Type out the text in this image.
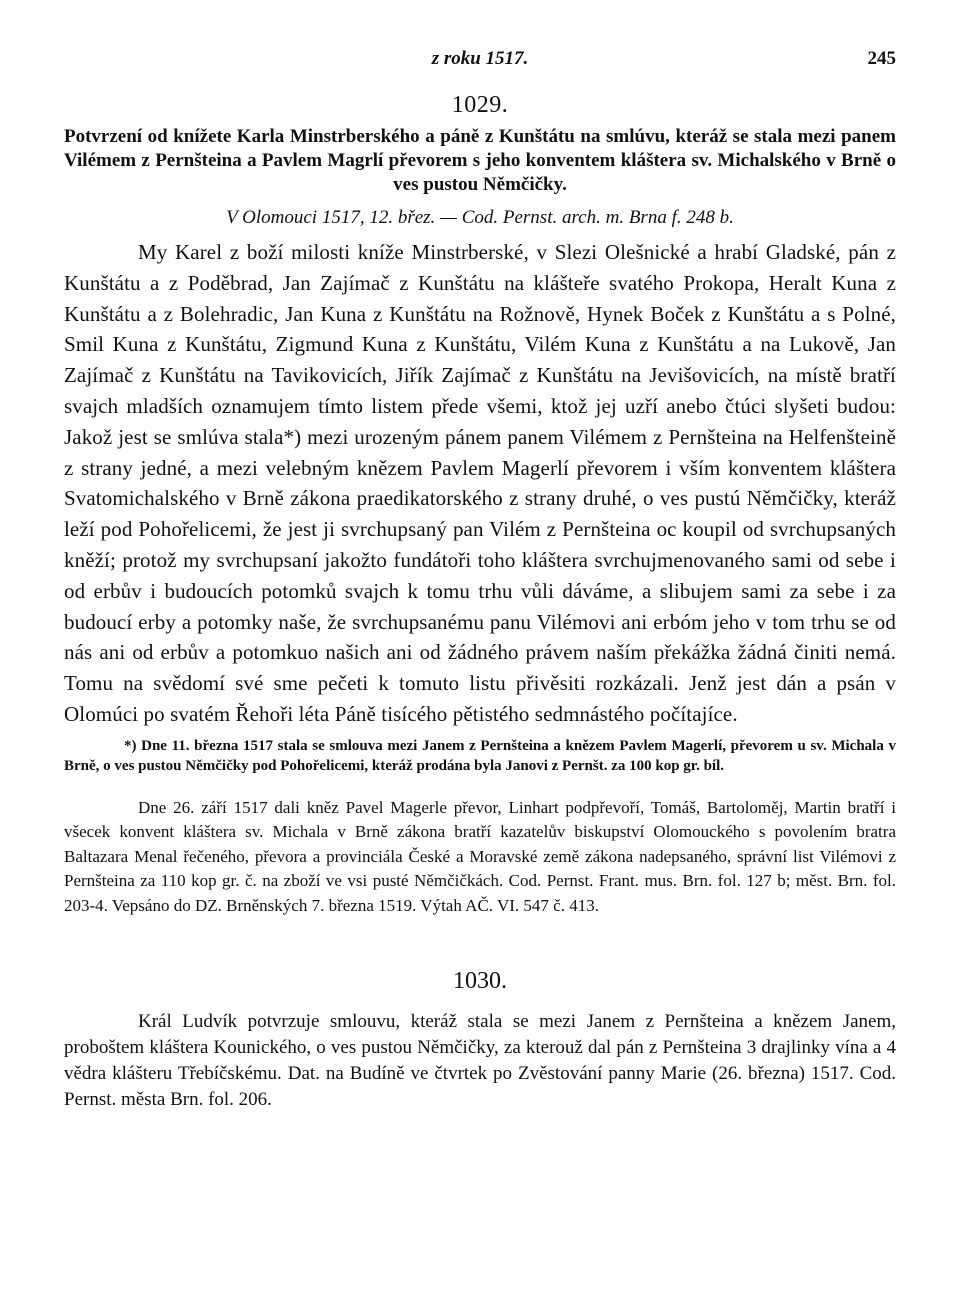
z roku 1517.	245
1029.
Potvrzení od knížete Karla Minstrberského a páně z Kunštátu na smlúvu, kteráž se stala mezi panem Vilémem z Pernšteina a Pavlem Magrlí převorem s jeho konventem kláštera sv. Michalského v Brně o ves pustou Němčičky.
V Olomouci 1517, 12. břez. — Cod. Pernst. arch. m. Brna f. 248 b.
My Karel z boží milosti kníže Minstrberské, v Slezi Olešnické a hrabí Gladské, pán z Kunštátu a z Poděbrad, Jan Zajímač z Kunštátu na klášteře svatého Prokopa, Heralt Kuna z Kunštátu a z Bolehradic, Jan Kuna z Kunštátu na Rožnově, Hynek Boček z Kunštátu a s Polné, Smil Kuna z Kunštátu, Zigmund Kuna z Kunštátu, Vilém Kuna z Kunštátu a na Lukově, Jan Zajímač z Kunštátu na Tavikovicích, Jiřík Zajímač z Kunštátu na Jevišovicích, na místě bratří svajch mladších oznamujem tímto listem přede všemi, ktož jej uzří anebo čtúci slyšeti budou: Jakož jest se smlúva stala*) mezi urozeným pánem panem Vilémem z Pernšteina na Helfenšteině z strany jedné, a mezi velebným knězem Pavlem Magerlí převorem i vším konventem kláštera Svatomichalského v Brně zákona praedikatorského z strany druhé, o ves pustú Němčičky, kteráž leží pod Pohořelicemi, že jest ji svrchupsaný pan Vilém z Pernšteina oc koupil od svrchupsaných kněží; protož my svrchupsaní jakožto fundátoři toho kláštera svrchujmenovaného sami od sebe i od erbův i budoucích potomků svajch k tomu trhu vůli dáváme, a slibujem sami za sebe i za budoucí erby a potomky naše, že svrchupsanému panu Vilémovi ani erbóm jeho v tom trhu se od nás ani od erbův a potomkuo našich ani od žádného právem naším překážka žádná činiti nemá. Tomu na svědomí své sme pečeti k tomuto listu přivěsiti rozkázali. Jenž jest dán a psán v Olomúci po svatém Řehoři léta Páně tisícého pětistého sedmnástého počítajíce.
*) Dne 11. března 1517 stala se smlouva mezi Janem z Pernšteina a knězem Pavlem Magerlí, převorem u sv. Michala v Brně, o ves pustou Němčičky pod Pohořelicemi, kteráž prodána byla Janovi z Pernšt. za 100 kop gr. bíl.
Dne 26. září 1517 dali kněz Pavel Magerle převor, Linhart podpřevoří, Tomáš, Bartoloměj, Martin bratří i všecek konvent kláštera sv. Michala v Brně zákona bratří kazatelův biskupství Olomouckého s povolením bratra Baltazara Menal řečeného, převora a provinciála České a Moravské země zákona nadepsaného, správní list Vilémovi z Pernšteina za 110 kop gr. č. na zboží ve vsi pusté Němčičkách. Cod. Pernst. Frant. mus. Brn. fol. 127 b; měst. Brn. fol. 203-4. Vepsáno do DZ. Brněnských 7. března 1519. Výtah AČ. VI. 547 č. 413.
1030.
Král Ludvík potvrzuje smlouvu, kteráž stala se mezi Janem z Pernšteina a knězem Janem, proboštem kláštera Kounického, o ves pustou Němčičky, za kterouž dal pán z Pernšteina 3 drajlinky vína a 4 vědra klášteru Třebíčskému. Dat. na Budíně ve čtvrtek po Zvěstování panny Marie (26. března) 1517. Cod. Pernst. města Brn. fol. 206.
